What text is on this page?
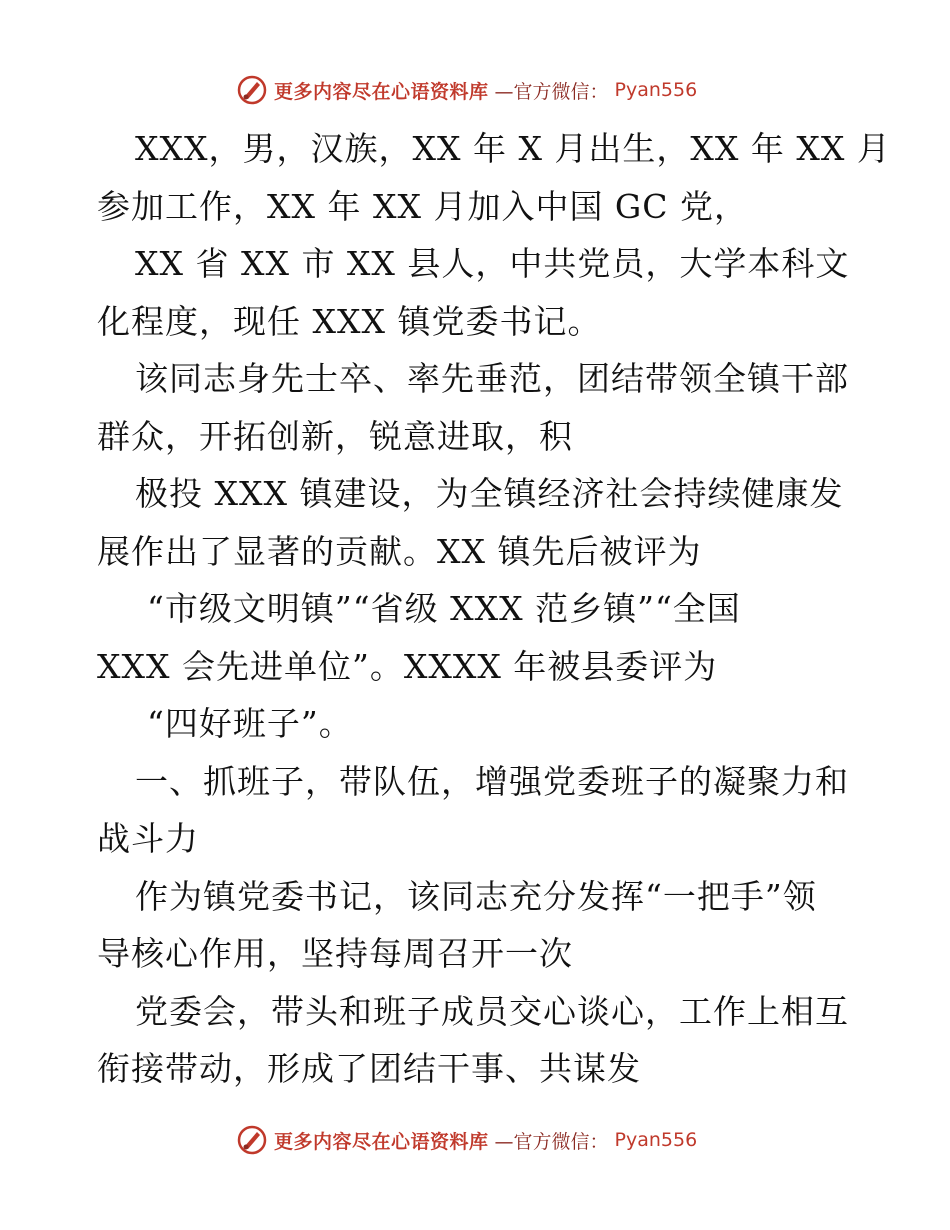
更多内容尽在心语资料库 —官方微信： Pyan556
XXX，男，汉族，XX 年 X 月出生，XX 年 XX 月
参加工作，XX 年 XX 月加入中国 GC 党，
XX 省 XX 市 XX 县人，中共党员，大学本科文
化程度，现任 XXX 镇党委书记。
该同志身先士卒、率先垂范，团结带领全镇干部
群众，开拓创新，锐意进取，积
极投 XXX 镇建设，为全镇经济社会持续健康发
展作出了显著的贡献。XX 镇先后被评为
“市级文明镇”“省级 XXX 范乡镇”“全国
XXX 会先进单位”。XXXX 年被县委评为
“四好班子”。
一、抓班子，带队伍，增强党委班子的凝聚力和
战斗力
作为镇党委书记，该同志充分发挥“一把手”领
导核心作用，坚持每周召开一次
党委会，带头和班子成员交心谈心，工作上相互
衔接带动，形成了团结干事、共谋发
更多内容尽在心语资料库 —官方微信： Pyan556
